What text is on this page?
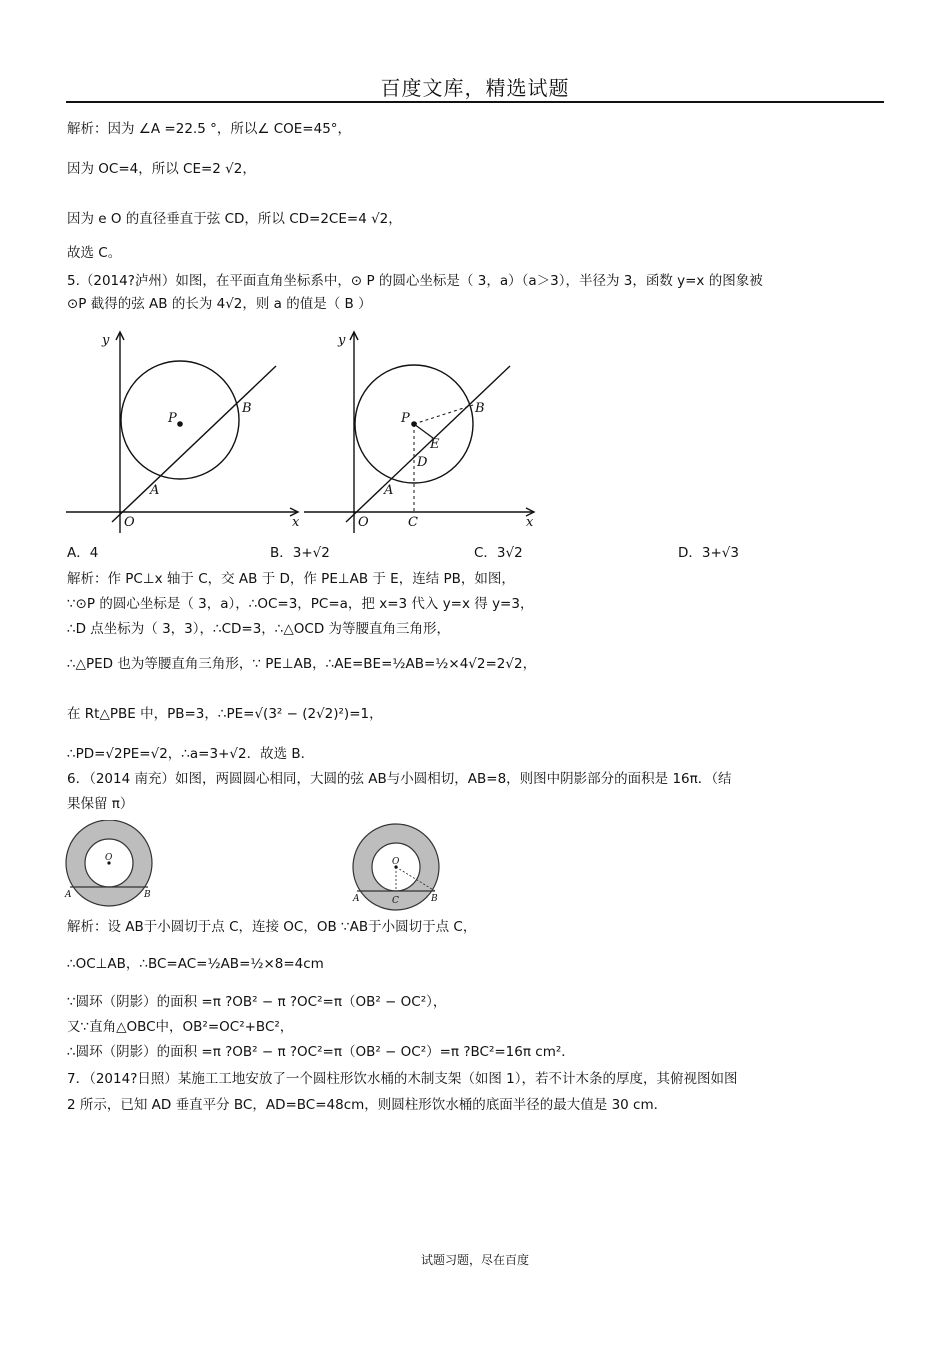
百度文库，精选试题
解析：因为 ∠A =22.5 °，所以∠ COE=45°，
因为 OC=4，所以 CE=2 √2，
因为 e O 的直径垂直于弦 CD，所以 CD=2CE=4 √2，
故选 C。
5.（2014?泸州）如图，在平面直角坐标系中，⊙ P 的圆心坐标是（ 3，a）（a＞3），半径为 3，函数 y=x 的图象被
⊙P 截得的弦 AB 的长为 4√2，则 a 的值是（ B ）
y
x
O
P
B
A
y
x
O
P
B
A
C
D
E
A．4	B．3+√2	C．3√2	D．3+√3
解析：作 PC⊥x 轴于 C，交 AB 于 D，作 PE⊥AB 于 E，连结 PB，如图，
∵⊙P 的圆心坐标是（ 3，a），∴OC=3，PC=a，把 x=3 代入 y=x 得 y=3，
∴D 点坐标为（ 3，3），∴CD=3，∴△OCD 为等腰直角三角形，
∴△PED 也为等腰直角三角形，∵ PE⊥AB，∴AE=BE=½AB=½×4√2=2√2，
在 Rt△PBE 中，PB=3，∴PE=√(3² − (2√2)²)=1，
∴PD=√2PE=√2，∴a=3+√2．故选 B．
6．（2014 南充）如图，两圆圆心相同，大圆的弦 AB与小圆相切，AB=8，则图中阴影部分的面积是 16π．（结
果保留 π）
O
A	B
O
A	C	B
解析：设 AB于小圆切于点 C，连接 OC，OB ∵AB于小圆切于点 C，
∴OC⊥AB，∴BC=AC=½AB=½×8=4cm
∵圆环（阴影）的面积 =π ?OB² − π ?OC²=π（OB² − OC²），
又∵直角△OBC中，OB²=OC²+BC²，
∴圆环（阴影）的面积 =π ?OB² − π ?OC²=π（OB² − OC²）=π ?BC²=16π cm²．
7．（2014?日照）某施工工地安放了一个圆柱形饮水桶的木制支架（如图 1），若不计木条的厚度，其俯视图如图
2 所示，已知 AD 垂直平分 BC，AD=BC=48cm，则圆柱形饮水桶的底面半径的最大值是 30 cm．
试题习题，尽在百度
